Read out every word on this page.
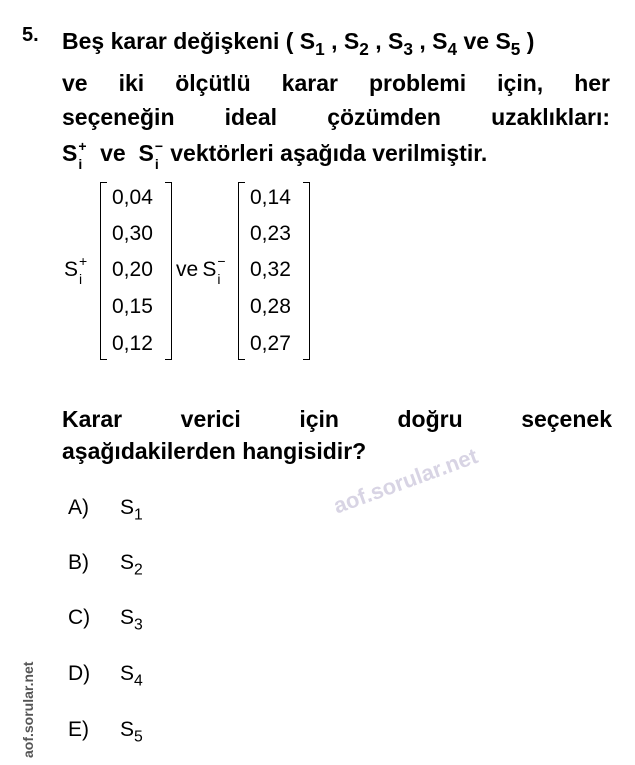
5. Beş karar değişkeni ( $S_1$ , $S_2$ , $S_3$ , $S_4$ ve $S_5$ )
ve iki ölçütlü karar problemi için, her
seçeneğin ideal çözümden uzaklıkları:
S +
i ve S −
i vektörleri aşağıda verilmiştir.
S +
i
0,04
0,30
0,20
0,15
0,12
ve  S −
i
0,14
0,23
0,32
0,28
0,27
Karar	verici	için	doğru	seçenek
aşağıdakilerden hangisidir?
A) $S_1$
B) $S_2$
C) $S_3$
D) $S_4$
E) $S_5$
aof.sorular.net
aof.sorular.net
